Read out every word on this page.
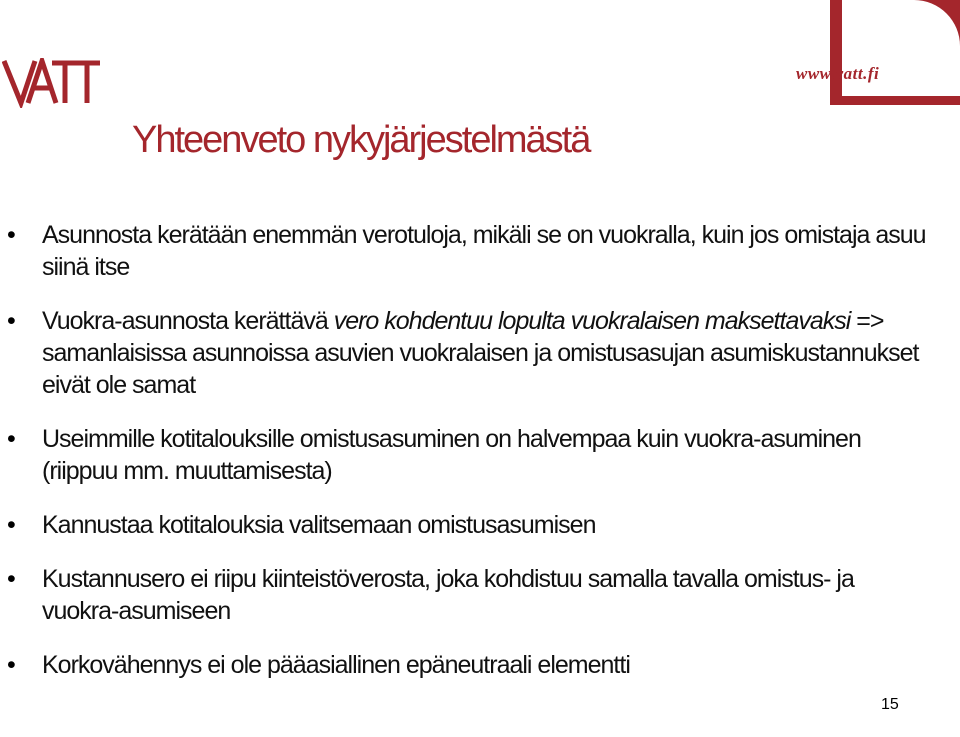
www.vatt.fi
Yhteenveto nykyjärjestelmästä
• Asunnosta kerätään enemmän verotuloja, mikäli se on vuokralla, kuin jos omistaja asuu siinä itse
• Vuokra-asunnosta kerättävä vero kohdentuu lopulta vuokralaisen maksettavaksi => samanlaisissa asunnoissa asuvien vuokralaisen ja omistusasujan asumiskustannukset eivät ole samat
• Useimmille kotitalouksille omistusasuminen on halvempaa kuin vuokra-asuminen (riippuu mm. muuttamisesta)
• Kannustaa kotitalouksia valitsemaan omistusasumisen
• Kustannusero ei riipu kiinteistöverosta, joka kohdistuu samalla tavalla omistus- ja vuokra-asumiseen
• Korkovähennys ei ole pääasiallinen epäneutraali elementti
15
